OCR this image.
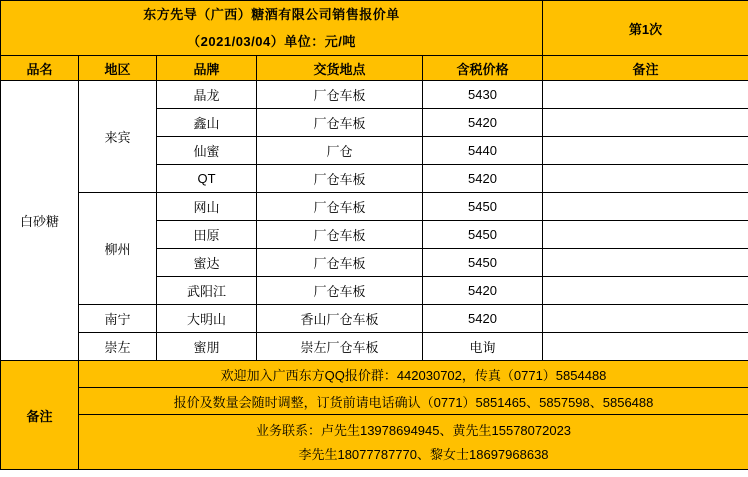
东方先导（广西）糖酒有限公司销售报价单
（2021/03/04）单位：元/吨					第1次
品名	地区	品牌	交货地点	含税价格	备注
白砂糖	来宾	晶龙	厂仓车板	5430	
		鑫山	厂仓车板	5420	
		仙蜜	厂仓	5440	
		QT	厂仓车板	5420	
	柳州	网山	厂仓车板	5450	
		田原	厂仓车板	5450	
		蜜达	厂仓车板	5450	
		武阳江	厂仓车板	5420	
	南宁	大明山	香山厂仓车板	5420	
	崇左	蜜朋	崇左厂仓车板	电询	
备注	欢迎加入广西东方QQ报价群：442030702，传真（0771）5854488				
	报价及数量会随时调整，订货前请电话确认（0771）5851465、5857598、5856488				

	业务联系：卢先生13978694945、黄先生15578072023
李先生18077787770、黎女士18697968638				
